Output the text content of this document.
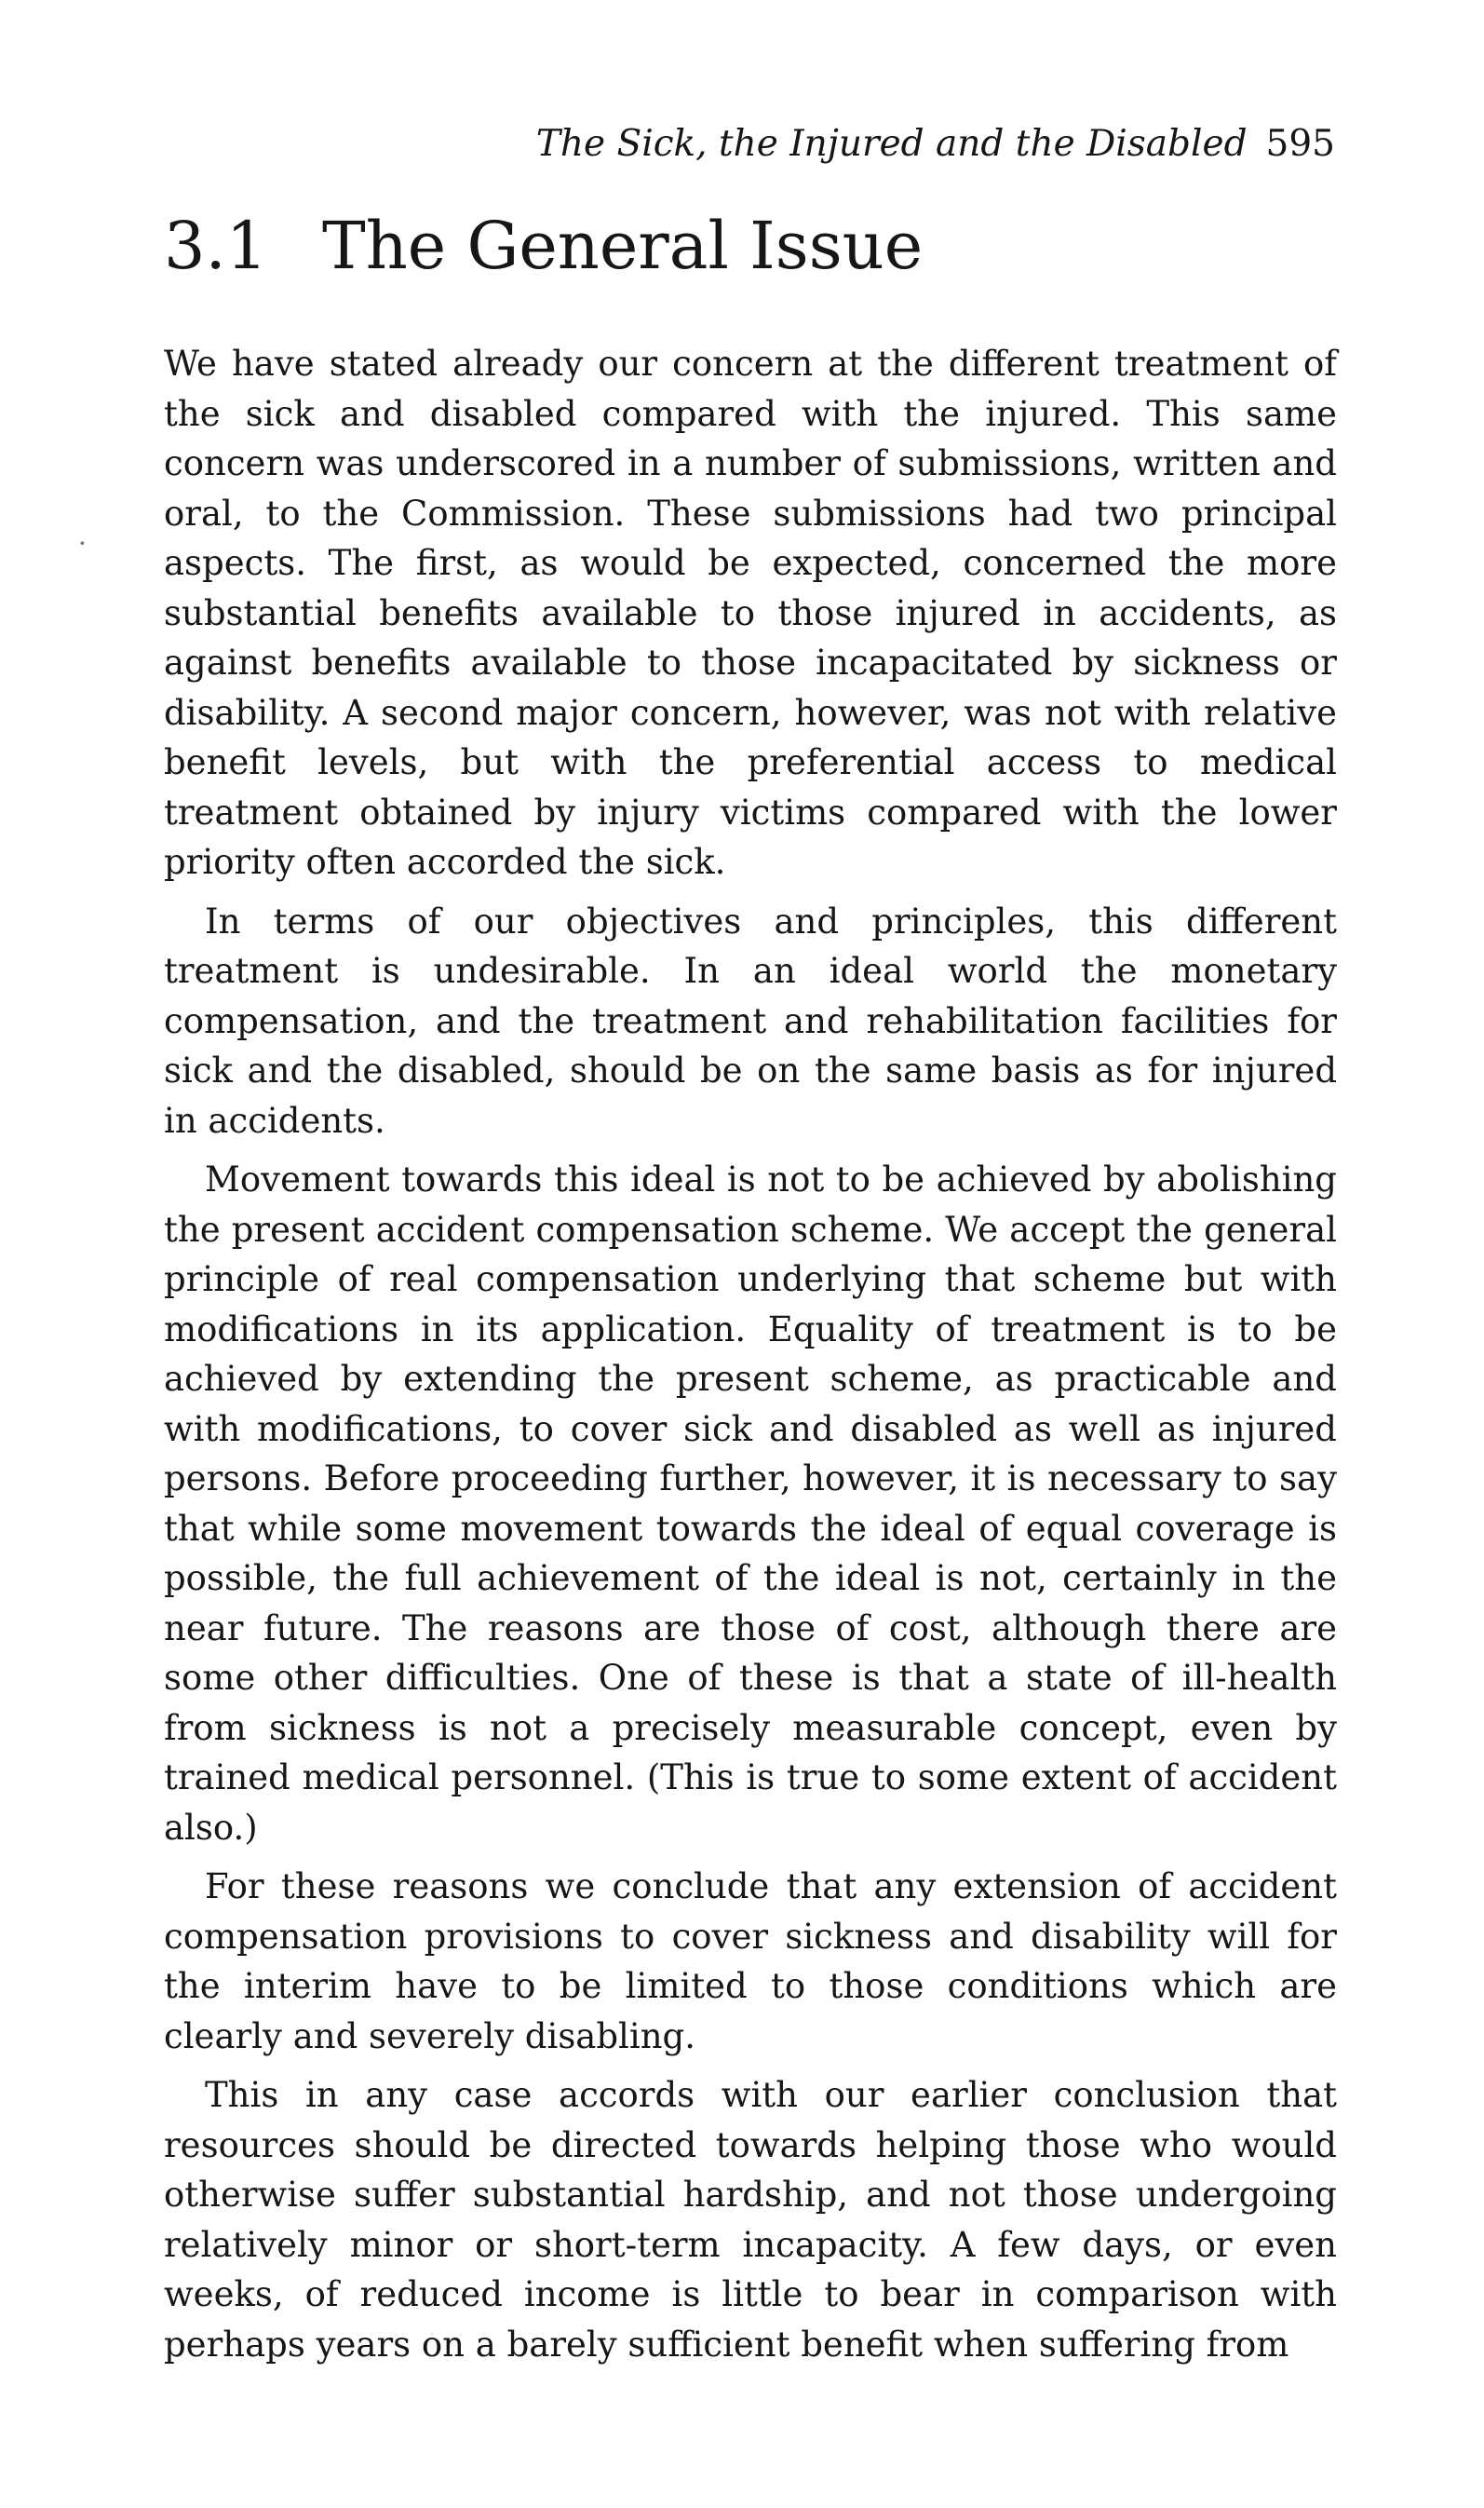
The Sick, the Injured and the Disabled 595
3.1 The General Issue
·

We have stated already our concern at the different treatment of the sick and disabled compared with the injured. This same concern was underscored in a number of submissions, written and oral, to the Commission. These submissions had two principal aspects. The first, as would be expected, concerned the more substantial benefits available to those injured in accidents, as against benefits available to those incapacitated by sickness or disability. A second major concern, however, was not with relative benefit levels, but with the preferential access to medical treatment obtained by injury victims compared with the lower priority often accorded the sick.

In terms of our objectives and principles, this different treatment is undesirable. In an ideal world the monetary compensation, and the treatment and rehabilitation facilities for sick and the disabled, should be on the same basis as for injured in accidents.

Movement towards this ideal is not to be achieved by abolishing the present accident compensation scheme. We accept the general principle of real compensation underlying that scheme but with modifications in its application. Equality of treatment is to be achieved by extending the present scheme, as practicable and with modifications, to cover sick and disabled as well as injured persons. Before proceeding further, however, it is necessary to say that while some movement towards the ideal of equal coverage is possible, the full achievement of the ideal is not, certainly in the near future. The reasons are those of cost, although there are some other difficulties. One of these is that a state of ill-health from sickness is not a precisely measurable concept, even by trained medical personnel. (This is true to some extent of accident also.)

For these reasons we conclude that any extension of accident compensation provisions to cover sickness and disability will for the interim have to be limited to those conditions which are clearly and severely disabling.

This in any case accords with our earlier conclusion that resources should be directed towards helping those who would otherwise suffer substantial hardship, and not those undergoing relatively minor or short-term incapacity. A few days, or even weeks, of reduced income is little to bear in comparison with perhaps years on a barely sufficient benefit when suffering from
